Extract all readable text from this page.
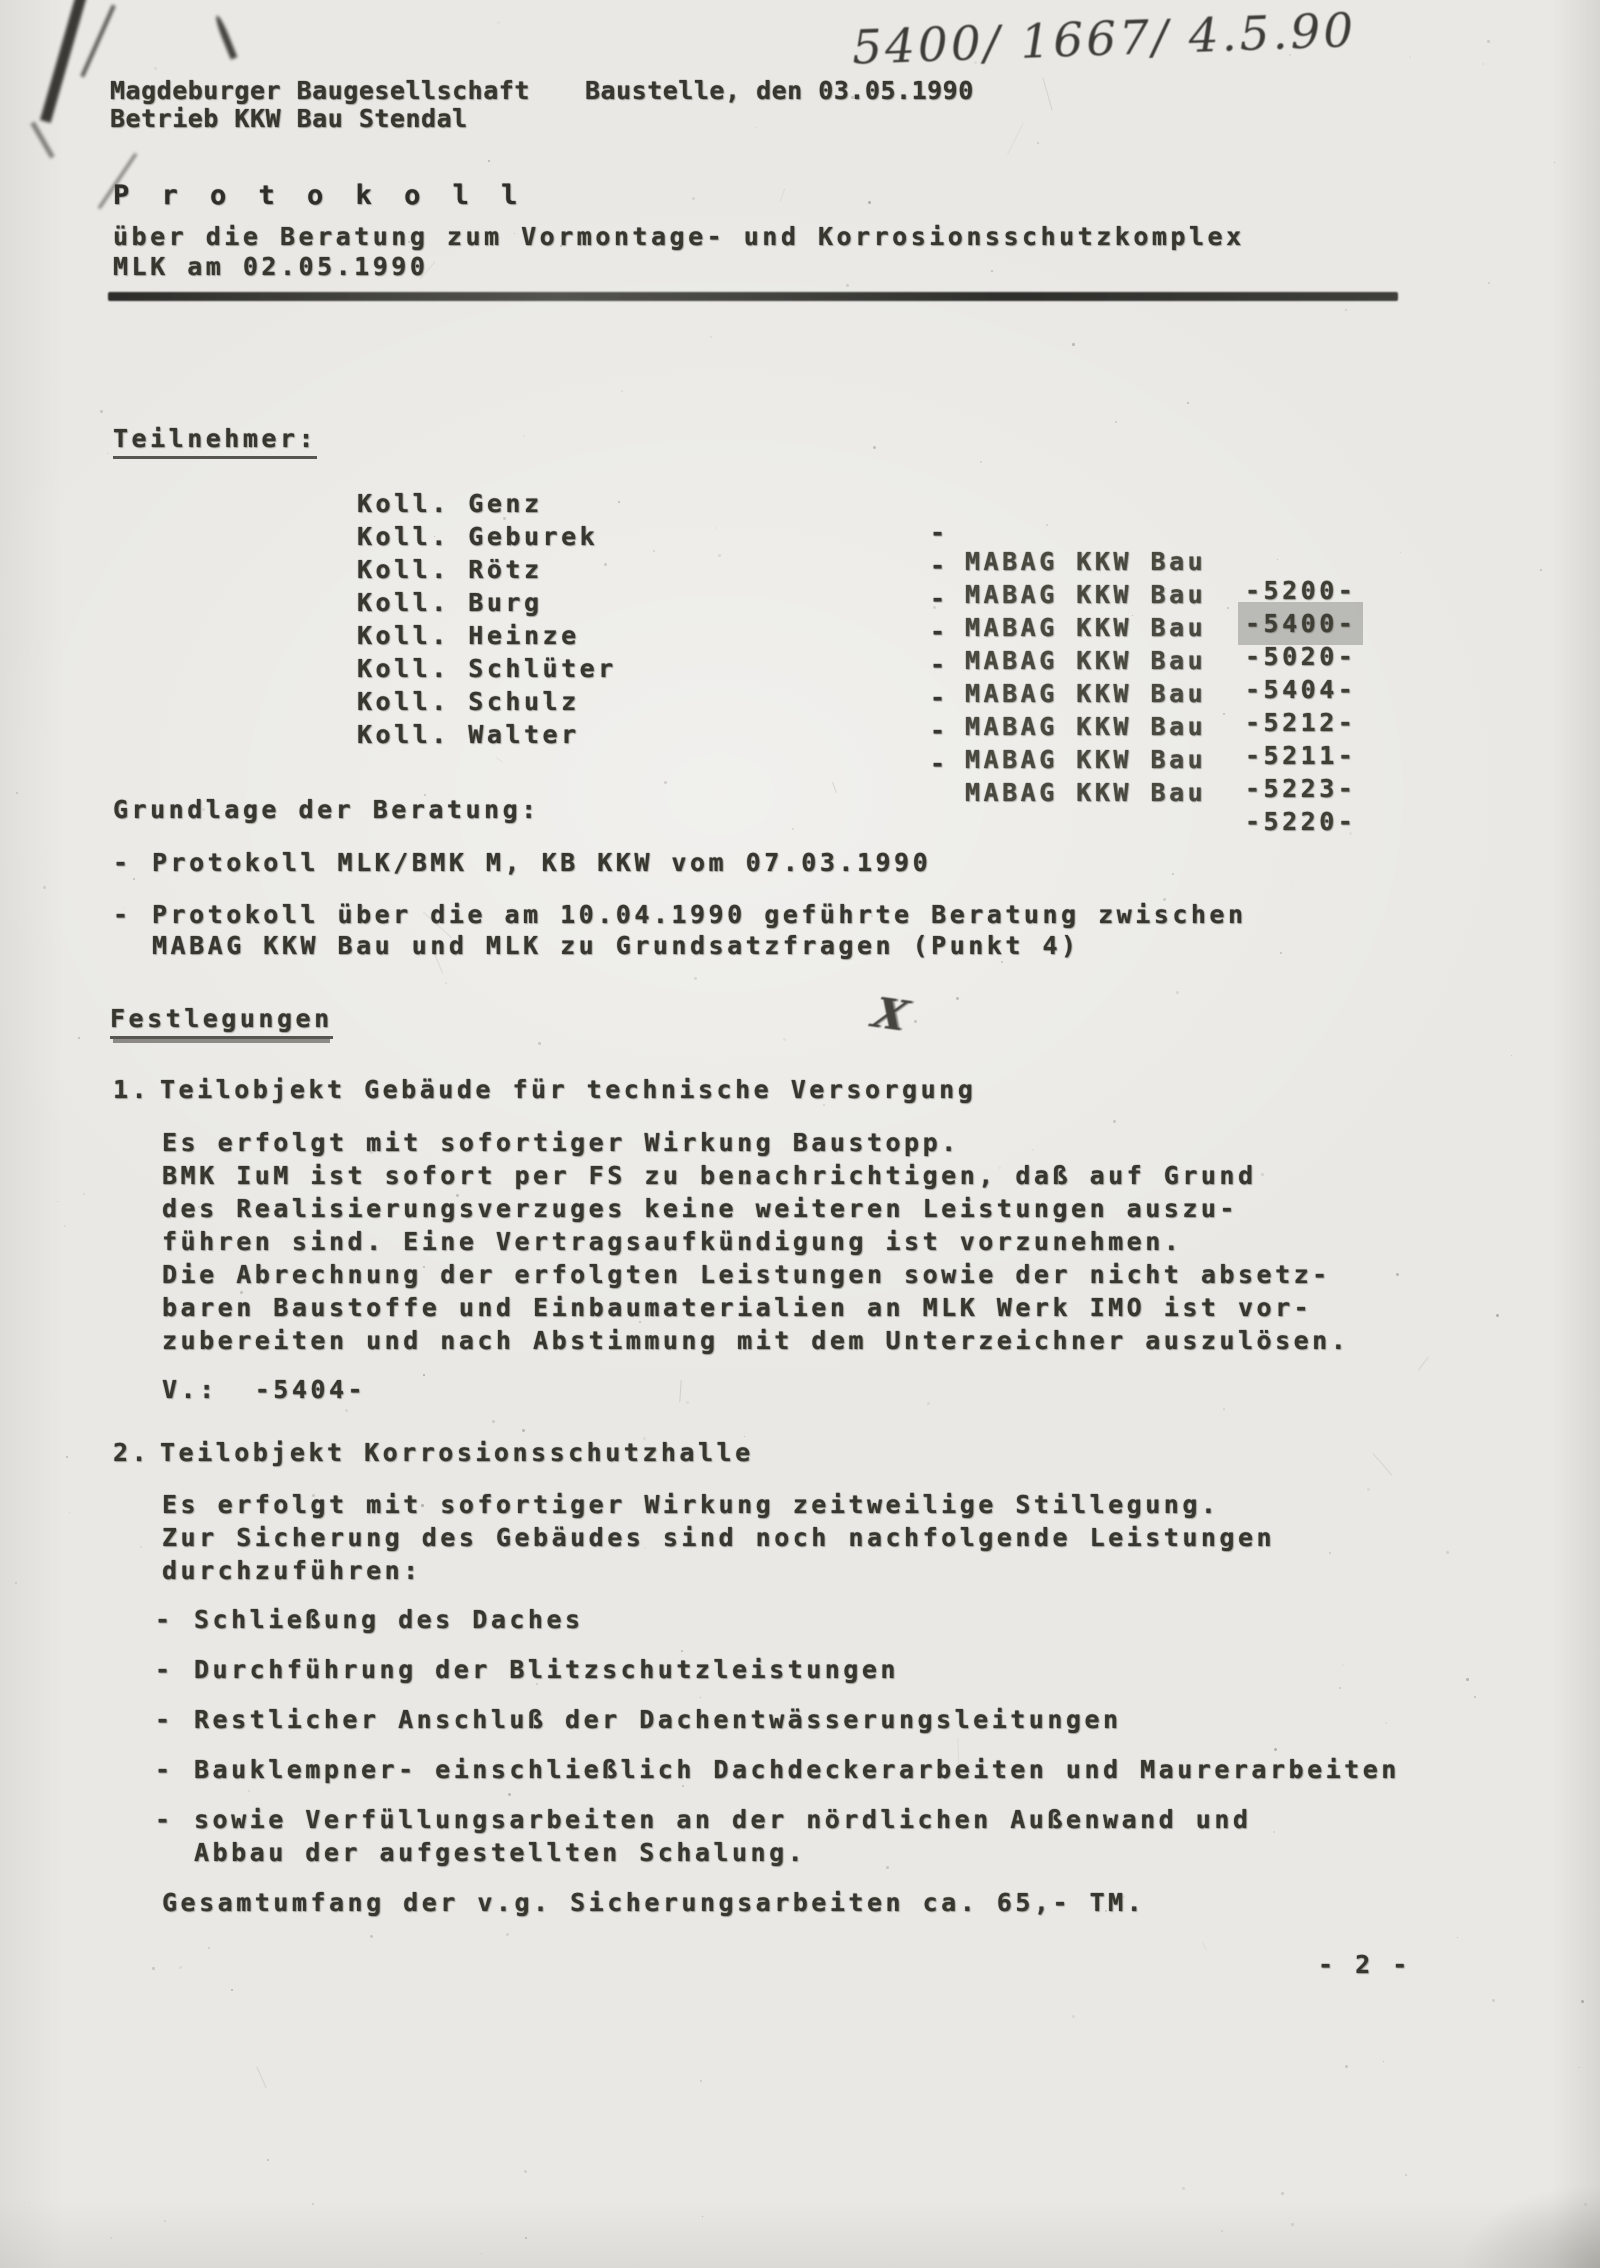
5400/ 1667/ 4.5.90
Magdeburger Baugesellschaft
Betrieb KKW Bau Stendal
Baustelle, den 03.05.1990
P r o t o k o l l
über die Beratung zum Vormontage- und Korrosionsschutzkomplex
MLK am 02.05.1990
Teilnehmer:

Koll. Genz

-

MABAG KKW Bau

-5200-

Koll. Geburek

-

MABAG KKW Bau

-5400-

Koll. Rötz

-

MABAG KKW Bau

-5020-

Koll. Burg

-

MABAG KKW Bau

-5404-

Koll. Heinze

-

MABAG KKW Bau

-5212-

Koll. Schlüter

-

MABAG KKW Bau

-5211-

Koll. Schulz

-

MABAG KKW Bau

-5223-

Koll. Walter

-

MABAG KKW Bau

-5220-

Grundlage der Beratung:
- Protokoll MLK/BMK M, KB KKW vom 07.03.1990
- Protokoll über die am 10.04.1990 geführte Beratung zwischen
MABAG KKW Bau und MLK zu Grundsatzfragen (Punkt 4)
Festlegungen	X
1. Teilobjekt Gebäude für technische Versorgung
Es erfolgt mit sofortiger Wirkung Baustopp.
BMK IuM ist sofort per FS zu benachrichtigen, daß auf Grund
des Realisierungsverzuges keine weiteren Leistungen auszu-
führen sind. Eine Vertragsaufkündigung ist vorzunehmen.
Die Abrechnung der erfolgten Leistungen sowie der nicht absetz-
baren Baustoffe und Einbaumaterialien an MLK Werk IMO ist vor-
zubereiten und nach Abstimmung mit dem Unterzeichner auszulösen.
V.:  -5404-
2. Teilobjekt Korrosionsschutzhalle
Es erfolgt mit sofortiger Wirkung zeitweilige Stillegung.
Zur Sicherung des Gebäudes sind noch nachfolgende Leistungen
durchzuführen:
- Schließung des Daches
- Durchführung der Blitzschutzleistungen
- Restlicher Anschluß der Dachentwässerungsleitungen
- Bauklempner- einschließlich Dachdeckerarbeiten und Maurerarbeiten
- sowie Verfüllungsarbeiten an der nördlichen Außenwand und
Abbau der aufgestellten Schalung.
Gesamtumfang der v.g. Sicherungsarbeiten ca. 65,- TM.
- 2 -
